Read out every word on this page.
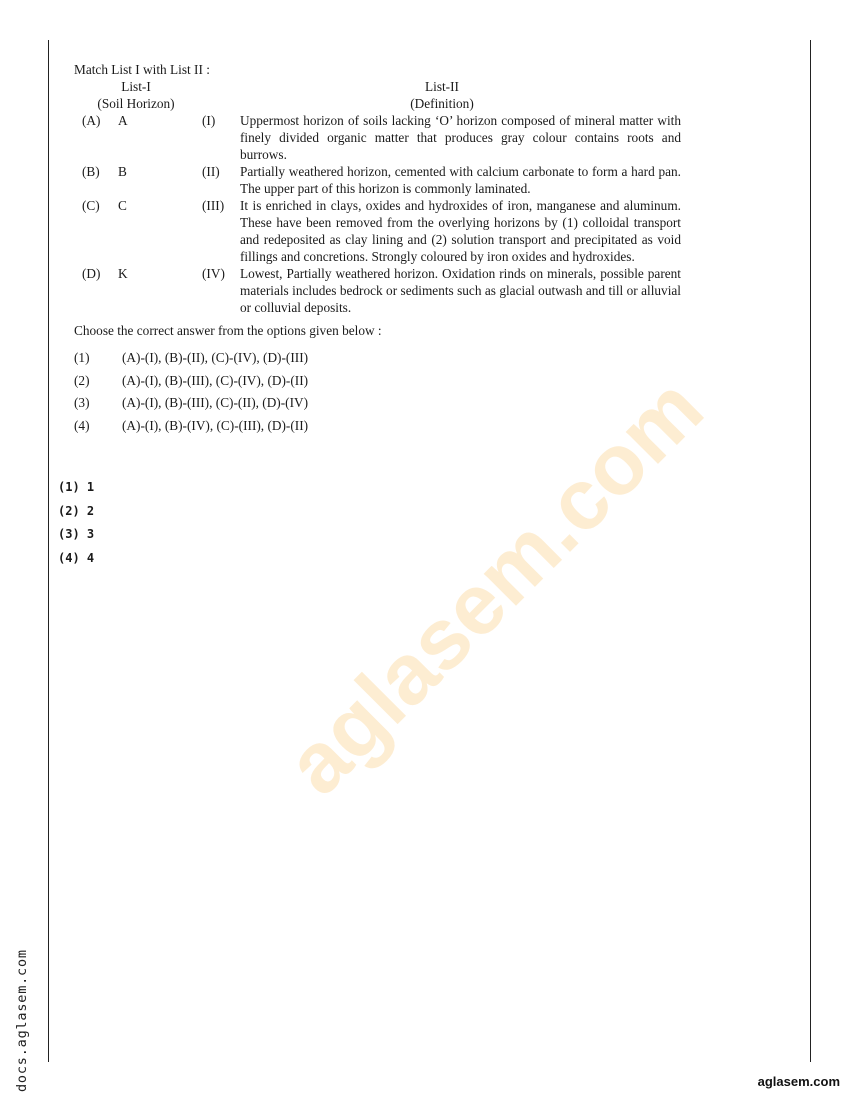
aglasem.com
Match List I with List II :
List-I
(Soil Horizon)
List-II
(Definition)
(A)	A	(I)	Uppermost horizon of soils lacking ‘O’ horizon composed of mineral matter with finely divided organic matter that produces gray colour contains roots and burrows.
(B)	B	(II)	Partially weathered horizon, cemented with calcium carbonate to form a hard pan. The upper part of this horizon is commonly laminated.
(C)	C	(III)	It is enriched in clays, oxides and hydroxides of iron, manganese and aluminum. These have been removed from the overlying horizons by (1) colloidal transport and redeposited as clay lining and (2) solution transport and precipitated as void fillings and concretions. Strongly coloured by iron oxides and hydroxides.
(D)	K	(IV)	Lowest, Partially weathered horizon. Oxidation rinds on minerals, possible parent materials includes bedrock or sediments such as glacial outwash and till or alluvial or colluvial deposits.
Choose the correct answer from the options given below :
(1) (A)-(I), (B)-(II), (C)-(IV), (D)-(III)
(2) (A)-(I), (B)-(III), (C)-(IV), (D)-(II)
(3) (A)-(I), (B)-(III), (C)-(II), (D)-(IV)
(4) (A)-(I), (B)-(IV), (C)-(III), (D)-(II)
(1) 1
(2) 2
(3) 3
(4) 4
docs.aglasem.com	aglasem.com
